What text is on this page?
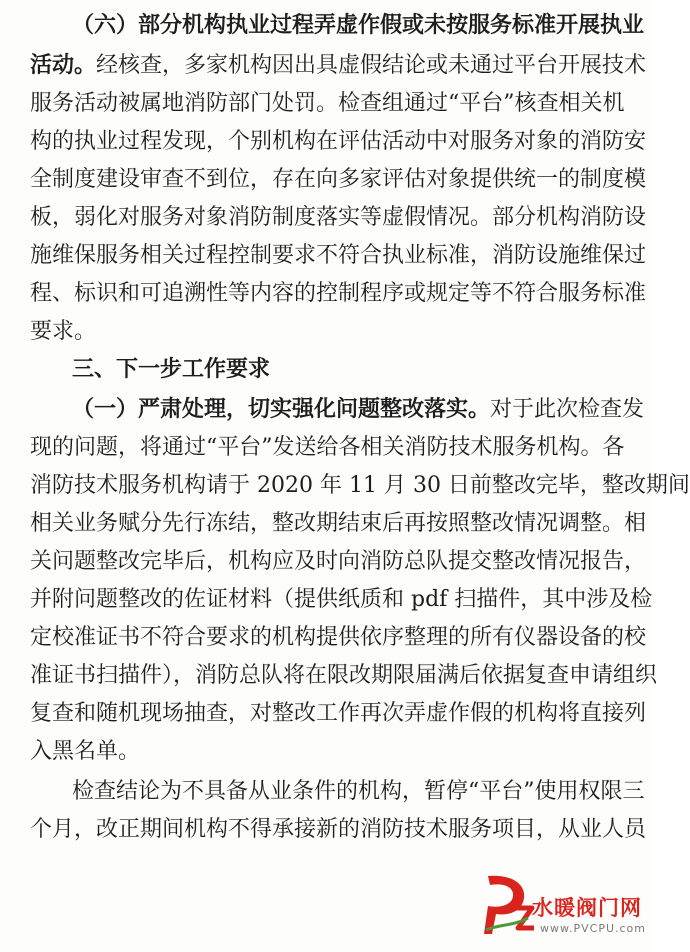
（六）部分机构执业过程弄虚作假或未按服务标准开展执业
活动。经核查，多家机构因出具虚假结论或未通过平台开展技术
服务活动被属地消防部门处罚。检查组通过“平台”核查相关机
构的执业过程发现，个别机构在评估活动中对服务对象的消防安
全制度建设审查不到位，存在向多家评估对象提供统一的制度模
板，弱化对服务对象消防制度落实等虚假情况。部分机构消防设
施维保服务相关过程控制要求不符合执业标准，消防设施维保过
程、标识和可追溯性等内容的控制程序或规定等不符合服务标准
要求。
三、下一步工作要求
（一）严肃处理，切实强化问题整改落实。对于此次检查发
现的问题，将通过“平台”发送给各相关消防技术服务机构。各
消防技术服务机构请于 2020 年 11 月 30 日前整改完毕，整改期间
相关业务赋分先行冻结，整改期结束后再按照整改情况调整。相
关问题整改完毕后，机构应及时向消防总队提交整改情况报告，
并附问题整改的佐证材料（提供纸质和 pdf 扫描件，其中涉及检
定校准证书不符合要求的机构提供依序整理的所有仪器设备的校
准证书扫描件），消防总队将在限改期限届满后依据复查申请组织
复查和随机现场抽查，对整改工作再次弄虚作假的机构将直接列
入黑名单。
检查结论为不具备从业条件的机构，暂停“平台”使用权限三
个月，改正期间机构不得承接新的消防技术服务项目，从业人员
水暖阀门网
www.PVCPU.com
